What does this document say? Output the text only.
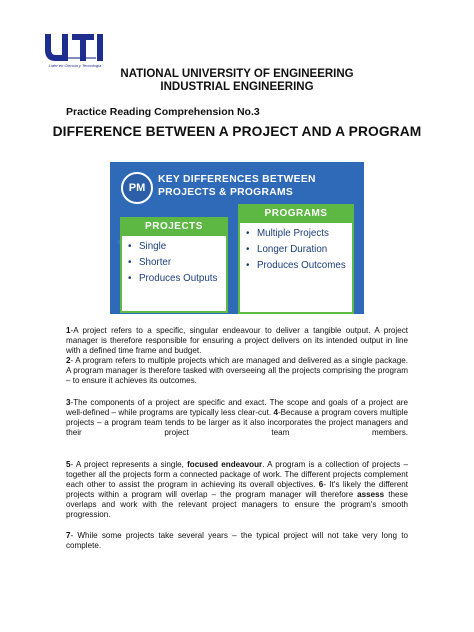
Líder en Ciencia y Tecnología
NATIONAL UNIVERSITY OF ENGINEERING
INDUSTRIAL ENGINEERING
Practice Reading Comprehension No.3
DIFFERENCE BETWEEN A PROJECT AND A PROGRAM
PM
KEY DIFFERENCES BETWEEN
PROJECTS & PROGRAMS
PROJECTS
• Single
• Shorter
• Produces Outputs
PROGRAMS
• Multiple Projects
• Longer Duration
• Produces Outcomes
1-A project refers to a specific, singular endeavour to deliver a tangible output. A project manager is therefore responsible for ensuring a project delivers on its intended output in line with a defined time frame and budget.
2- A program refers to multiple projects which are managed and delivered as a single package. A program manager is therefore tasked with overseeing all the projects comprising the program – to ensure it achieves its outcomes.
3-The components of a project are specific and exact. The scope and goals of a project are well-defined – while programs are typically less clear-cut. 4-Because a program covers multiple projects – a program team tends to be larger as it also incorporates the project managers and their project team members.
5- A project represents a single, focused endeavour. A program is a collection of projects – together all the projects form a connected package of work. The different projects complement each other to assist the program in achieving its overall objectives. 6- It's likely the different projects within a program will overlap – the program manager will therefore assess these overlaps and work with the relevant project managers to ensure the program's smooth progression.
7- While some projects take several years – the typical project will not take very long to complete.
